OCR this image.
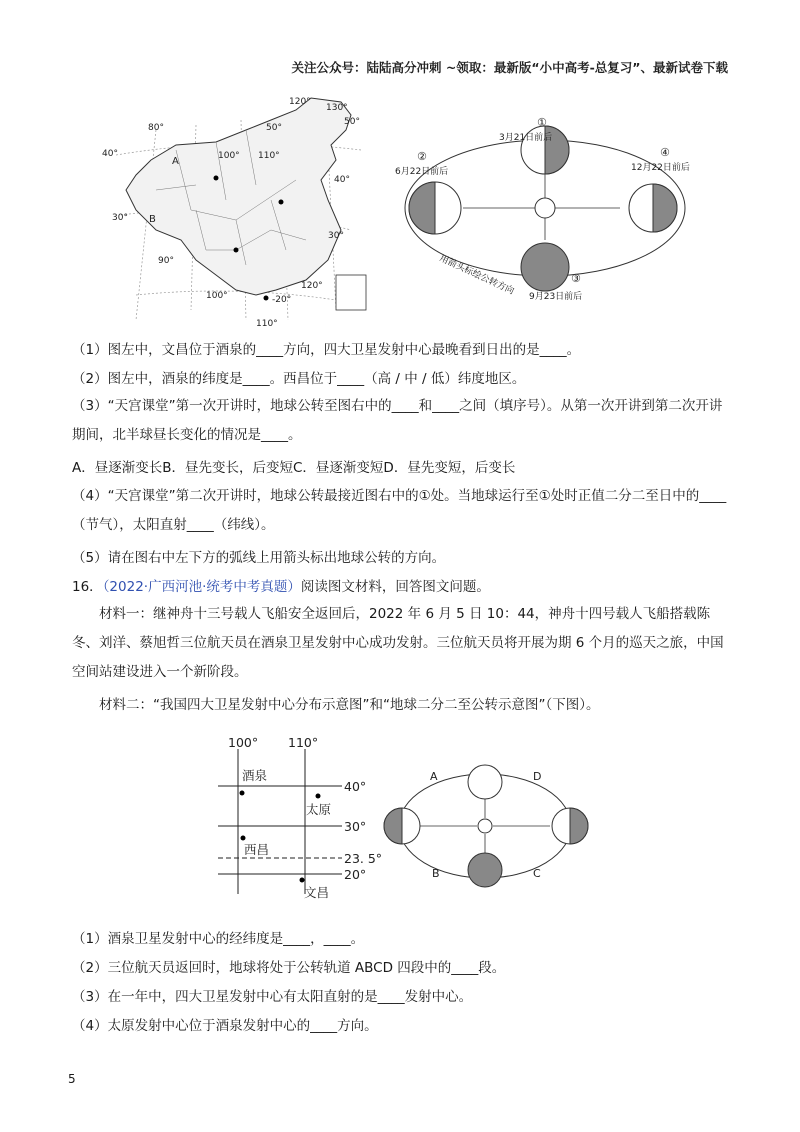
关注公众号：陆陆高分冲刺 ~领取：最新版“小中高考-总复习”、最新试卷下载
80°
90°
100° 110°
120°
130°
100°
110°
120°
40°
30°
40°
30°
-20°
50°
50°
A
B
①
3月21日前后
②
6月22日前后
③
9月23日前后
④
12月22日前后
用箭头标绘公转方向
（1）图左中，文昌位于酒泉的____方向，四大卫星发射中心最晚看到日出的是____。
（2）图左中，酒泉的纬度是____。西昌位于____（高 / 中 / 低）纬度地区。
（3）“天宫课堂”第一次开讲时，地球公转至图右中的____和____之间（填序号）。从第一次开讲到第二次开讲期间，北半球昼长变化的情况是____。
A．昼逐渐变长B．昼先变长，后变短C．昼逐渐变短D．昼先变短，后变长
（4）“天宫课堂”第二次开讲时，地球公转最接近图右中的①处。当地球运行至①处时正值二分二至日中的____（节气），太阳直射____（纬线）。
（5）请在图右中左下方的弧线上用箭头标出地球公转的方向。
16．（2022·广西河池·统考中考真题）阅读图文材料，回答图文问题。
材料一：继神舟十三号载人飞船安全返回后，2022 年 6 月 5 日 10：44，神舟十四号载人飞船搭载陈冬、刘洋、蔡旭哲三位航天员在酒泉卫星发射中心成功发射。三位航天员将开展为期 6 个月的巡天之旅，中国空间站建设进入一个新阶段。
材料二：“我国四大卫星发射中心分布示意图”和“地球二分二至公转示意图”（下图）。
100° 110°
40°
30°
23. 5°
20°
酒泉
太原
西昌
文昌
A	D
B	C
（1）酒泉卫星发射中心的经纬度是____，____。
（2）三位航天员返回时，地球将处于公转轨道 ABCD 四段中的____段。
（3）在一年中，四大卫星发射中心有太阳直射的是____发射中心。
（4）太原发射中心位于酒泉发射中心的____方向。
5
